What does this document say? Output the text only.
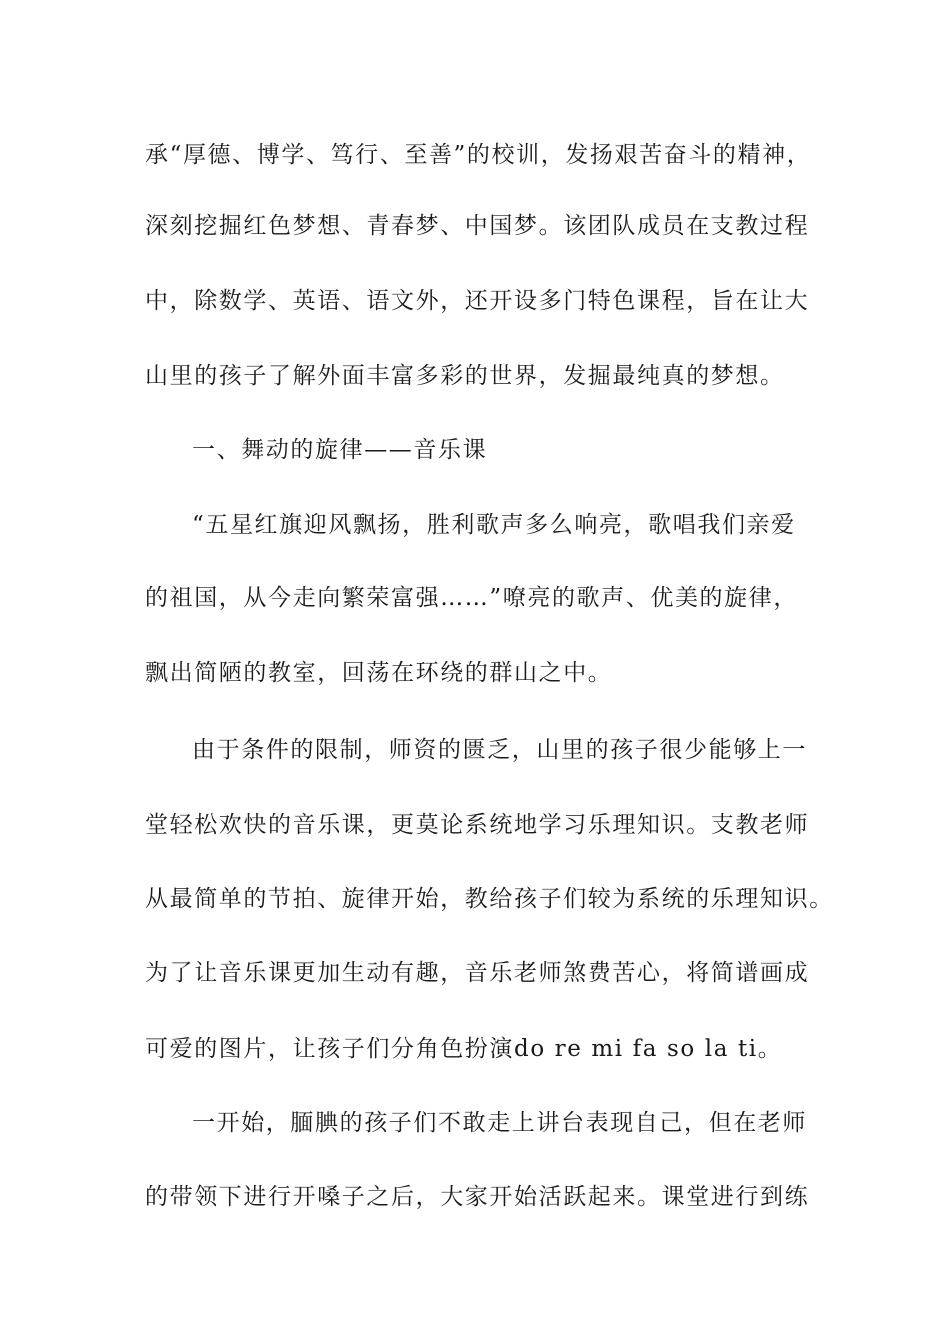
承“厚德、博学、笃行、至善”的校训，发扬艰苦奋斗的精神，
深刻挖掘红色梦想、青春梦、中国梦。该团队成员在支教过程
中，除数学、英语、语文外，还开设多门特色课程，旨在让大
山里的孩子了解外面丰富多彩的世界，发掘最纯真的梦想。
一、舞动的旋律——音乐课
“五星红旗迎风飘扬，胜利歌声多么响亮，歌唱我们亲爱
的祖国，从今走向繁荣富强……”嘹亮的歌声、优美的旋律，
飘出简陋的教室，回荡在环绕的群山之中。
由于条件的限制，师资的匮乏，山里的孩子很少能够上一
堂轻松欢快的音乐课，更莫论系统地学习乐理知识。支教老师
从最简单的节拍、旋律开始，教给孩子们较为系统的乐理知识。
为了让音乐课更加生动有趣，音乐老师煞费苦心，将简谱画成
可爱的图片，让孩子们分角色扮演do re mi fa so la ti。
一开始，腼腆的孩子们不敢走上讲台表现自己，但在老师
的带领下进行开嗓子之后，大家开始活跃起来。课堂进行到练
